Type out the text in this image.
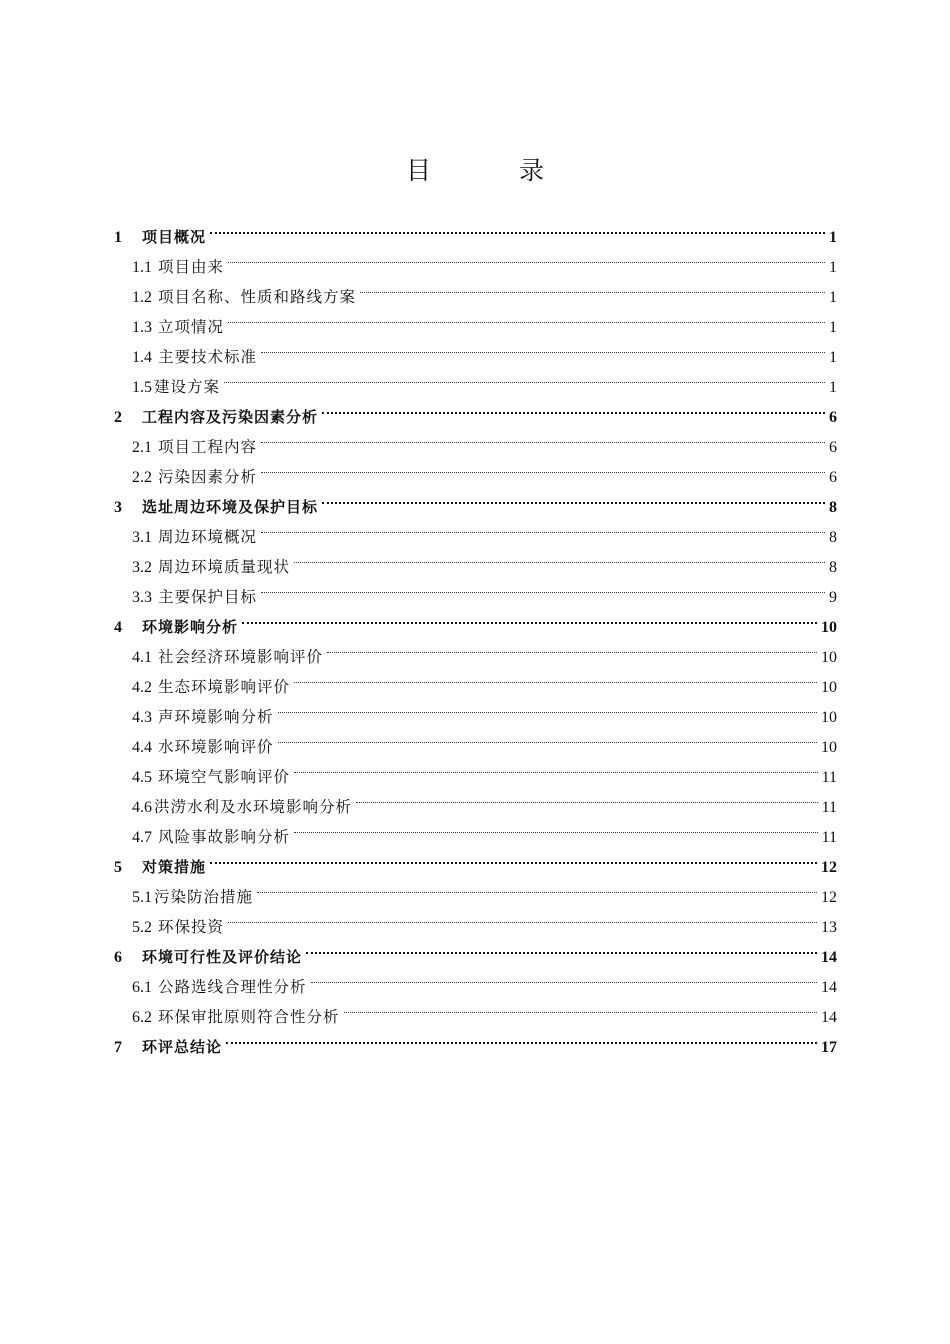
目 录
1	项目概况	1
1.1 项目由来	1
1.2 项目名称、性质和路线方案	1
1.3 立项情况	1
1.4 主要技术标准	1
1.5 建设方案	1
2	工程内容及污染因素分析	6
2.1 项目工程内容	6
2.2 污染因素分析	6
3	选址周边环境及保护目标	8
3.1 周边环境概况	8
3.2 周边环境质量现状	8
3.3 主要保护目标	9
4	环境影响分析	10
4.1 社会经济环境影响评价	10
4.2 生态环境影响评价	10
4.3 声环境影响分析	10
4.4 水环境影响评价	10
4.5 环境空气影响评价	11
4.6 洪涝水利及水环境影响分析	11
4.7 风险事故影响分析	11
5	对策措施	12
5.1 污染防治措施	12
5.2 环保投资	13
6	环境可行性及评价结论	14
6.1 公路选线合理性分析	14
6.2 环保审批原则符合性分析	14
7	环评总结论	17
